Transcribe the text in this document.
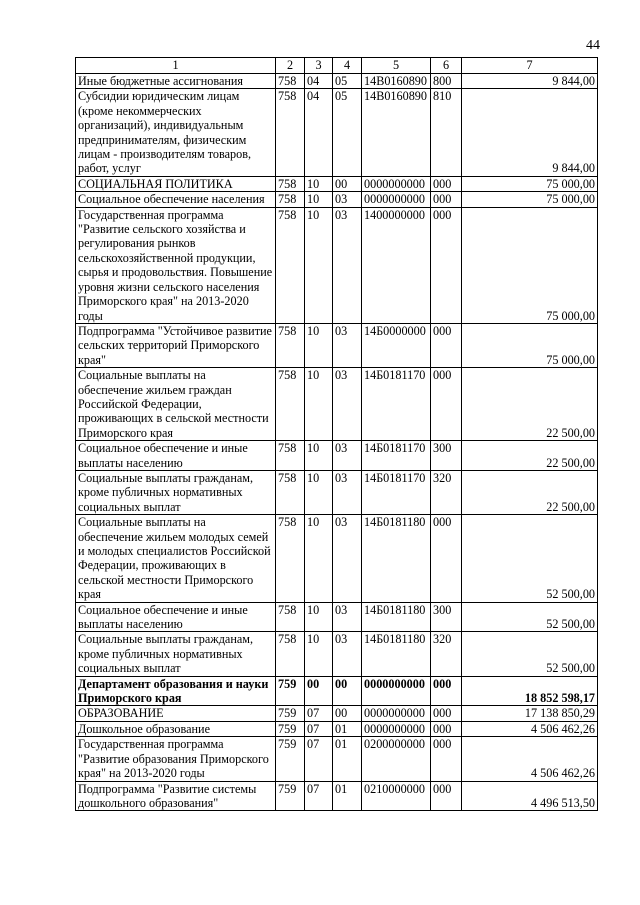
44
1	2	3	4	5	6	7
Иные бюджетные ассигнования	758	04	05	14В0160890	800	9 844,00
Субсидии юридическим лицам (кроме некоммерческих организаций), индивидуальным предпринимателям, физическим лицам - производителям товаров, работ, услуг	758	04	05	14В0160890	810	9 844,00
СОЦИАЛЬНАЯ ПОЛИТИКА	758	10	00	0000000000	000	75 000,00
Социальное обеспечение населения	758	10	03	0000000000	000	75 000,00
Государственная программа "Развитие сельского хозяйства и регулирования рынков сельскохозяйственной продукции, сырья и продовольствия. Повышение уровня жизни сельского населения Приморского края" на 2013-2020 годы	758	10	03	1400000000	000	75 000,00
Подпрограмма "Устойчивое развитие сельских территорий Приморского края"	758	10	03	14Б0000000	000	75 000,00
Социальные выплаты на обеспечение жильем граждан Российской Федерации, проживающих в сельской местности Приморского края	758	10	03	14Б0181170	000	22 500,00
Социальное обеспечение и иные выплаты населению	758	10	03	14Б0181170	300	22 500,00
Социальные выплаты гражданам, кроме публичных нормативных социальных выплат	758	10	03	14Б0181170	320	22 500,00
Социальные выплаты на обеспечение жильем молодых семей и молодых специалистов Российской Федерации, проживающих в сельской местности Приморского края	758	10	03	14Б0181180	000	52 500,00
Социальное обеспечение и иные выплаты населению	758	10	03	14Б0181180	300	52 500,00
Социальные выплаты гражданам, кроме публичных нормативных социальных выплат	758	10	03	14Б0181180	320	52 500,00
Департамент образования и науки Приморского края	759	00	00	0000000000	000	18 852 598,17
ОБРАЗОВАНИЕ	759	07	00	0000000000	000	17 138 850,29
Дошкольное образование	759	07	01	0000000000	000	4 506 462,26
Государственная программа "Развитие образования Приморского края" на 2013-2020 годы	759	07	01	0200000000	000	4 506 462,26
Подпрограмма "Развитие системы дошкольного образования"	759	07	01	0210000000	000	4 496 513,50
